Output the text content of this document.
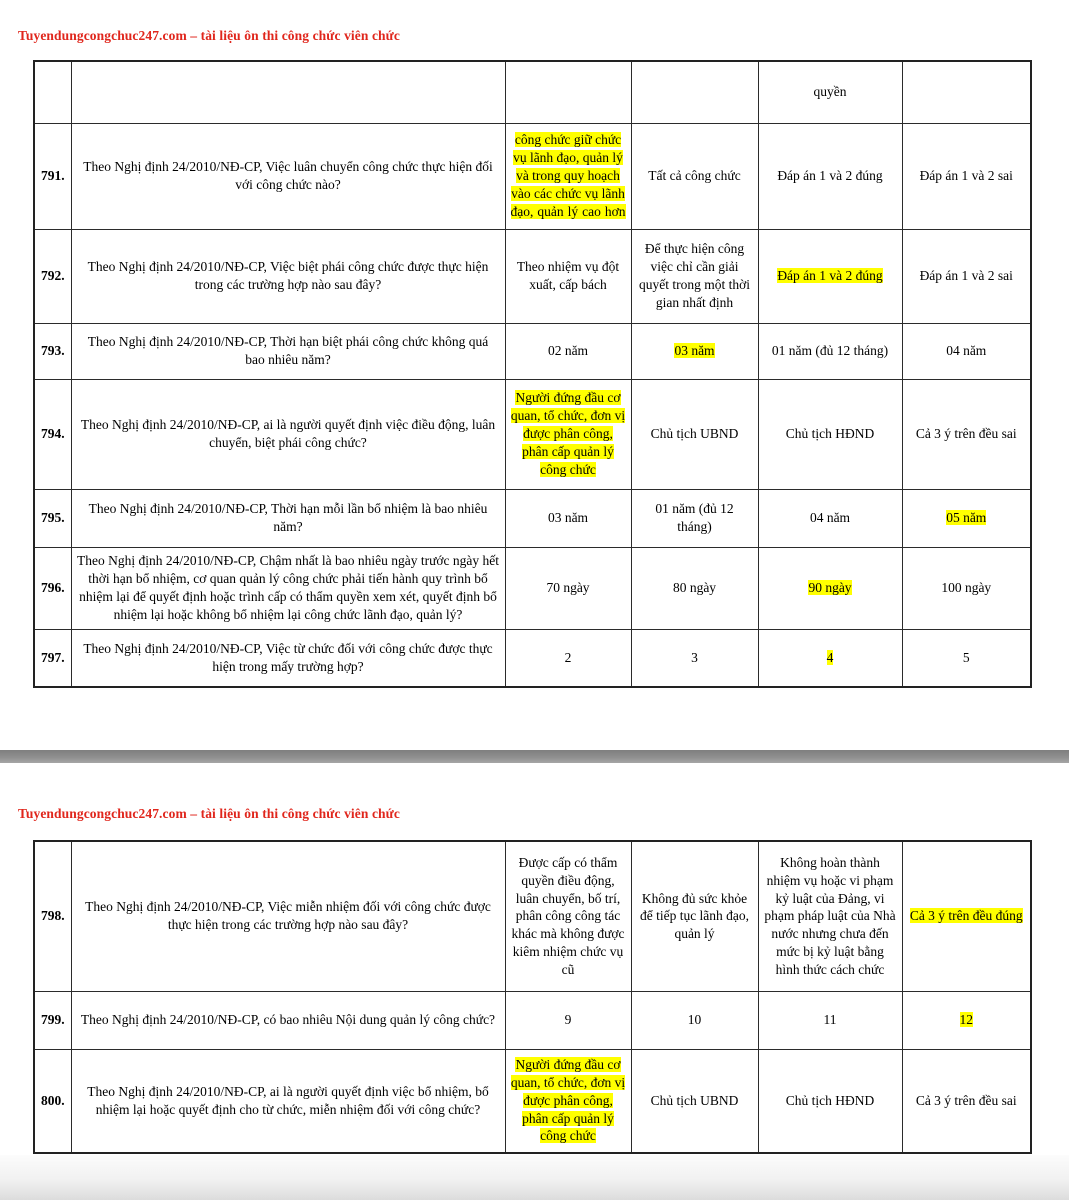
Tuyendungcongchuc247.com – tài liệu ôn thi công chức viên chức
				quyền	
791.	Theo Nghị định 24/2010/NĐ-CP, Việc luân chuyển công chức thực hiện đối với công chức nào?	công chức giữ chức vụ lãnh đạo, quản lý và trong quy hoạch vào các chức vụ lãnh đạo, quản lý cao hơn	Tất cả công chức	Đáp án 1 và 2 đúng	Đáp án 1 và 2 sai
792.	Theo Nghị định 24/2010/NĐ-CP, Việc biệt phái công chức được thực hiện trong các trường hợp nào sau đây?	Theo nhiệm vụ đột xuất, cấp bách	Để thực hiện công việc chỉ cần giải quyết trong một thời gian nhất định	Đáp án 1 và 2 đúng	Đáp án 1 và 2 sai
793.	Theo Nghị định 24/2010/NĐ-CP, Thời hạn biệt phái công chức không quá bao nhiêu năm?	02 năm	03 năm	01 năm (đủ 12 tháng)	04 năm
794.	Theo Nghị định 24/2010/NĐ-CP, ai là người quyết định việc điều động, luân chuyển, biệt phái công chức?	Người đứng đầu cơ quan, tổ chức, đơn vị được phân công, phân cấp quản lý công chức	Chủ tịch UBND	Chủ tịch HĐND	Cả 3 ý trên đều sai
795.	Theo Nghị định 24/2010/NĐ-CP, Thời hạn mỗi lần bổ nhiệm là bao nhiêu năm?	03 năm	01 năm (đủ 12 tháng)	04 năm	05 năm
796.	Theo Nghị định 24/2010/NĐ-CP, Chậm nhất là bao nhiêu ngày trước ngày hết thời hạn bổ nhiệm, cơ quan quản lý công chức phải tiến hành quy trình bổ nhiệm lại để quyết định hoặc trình cấp có thẩm quyền xem xét, quyết định bổ nhiệm lại hoặc không bổ nhiệm lại công chức lãnh đạo, quản lý?	70 ngày	80 ngày	90 ngày	100 ngày
797.	Theo Nghị định 24/2010/NĐ-CP, Việc từ chức đối với công chức được thực hiện trong mấy trường hợp?	2	3	4	5
Tuyendungcongchuc247.com – tài liệu ôn thi công chức viên chức
798.	Theo Nghị định 24/2010/NĐ-CP, Việc miễn nhiệm đối với công chức được thực hiện trong các trường hợp nào sau đây?	Được cấp có thẩm quyền điều động, luân chuyển, bố trí, phân công công tác khác mà không được kiêm nhiệm chức vụ cũ	Không đủ sức khỏe để tiếp tục lãnh đạo, quản lý	Không hoàn thành nhiệm vụ hoặc vi phạm kỷ luật của Đảng, vi phạm pháp luật của Nhà nước nhưng chưa đến mức bị kỷ luật bằng hình thức cách chức	Cả 3 ý trên đều đúng
799.	Theo Nghị định 24/2010/NĐ-CP, có bao nhiêu Nội dung quản lý công chức?	9	10	11	12
800.	Theo Nghị định 24/2010/NĐ-CP, ai là người quyết định việc bổ nhiệm, bổ nhiệm lại hoặc quyết định cho từ chức, miễn nhiệm đối với công chức?	Người đứng đầu cơ quan, tổ chức, đơn vị được phân công, phân cấp quản lý công chức	Chủ tịch UBND	Chủ tịch HĐND	Cả 3 ý trên đều sai
